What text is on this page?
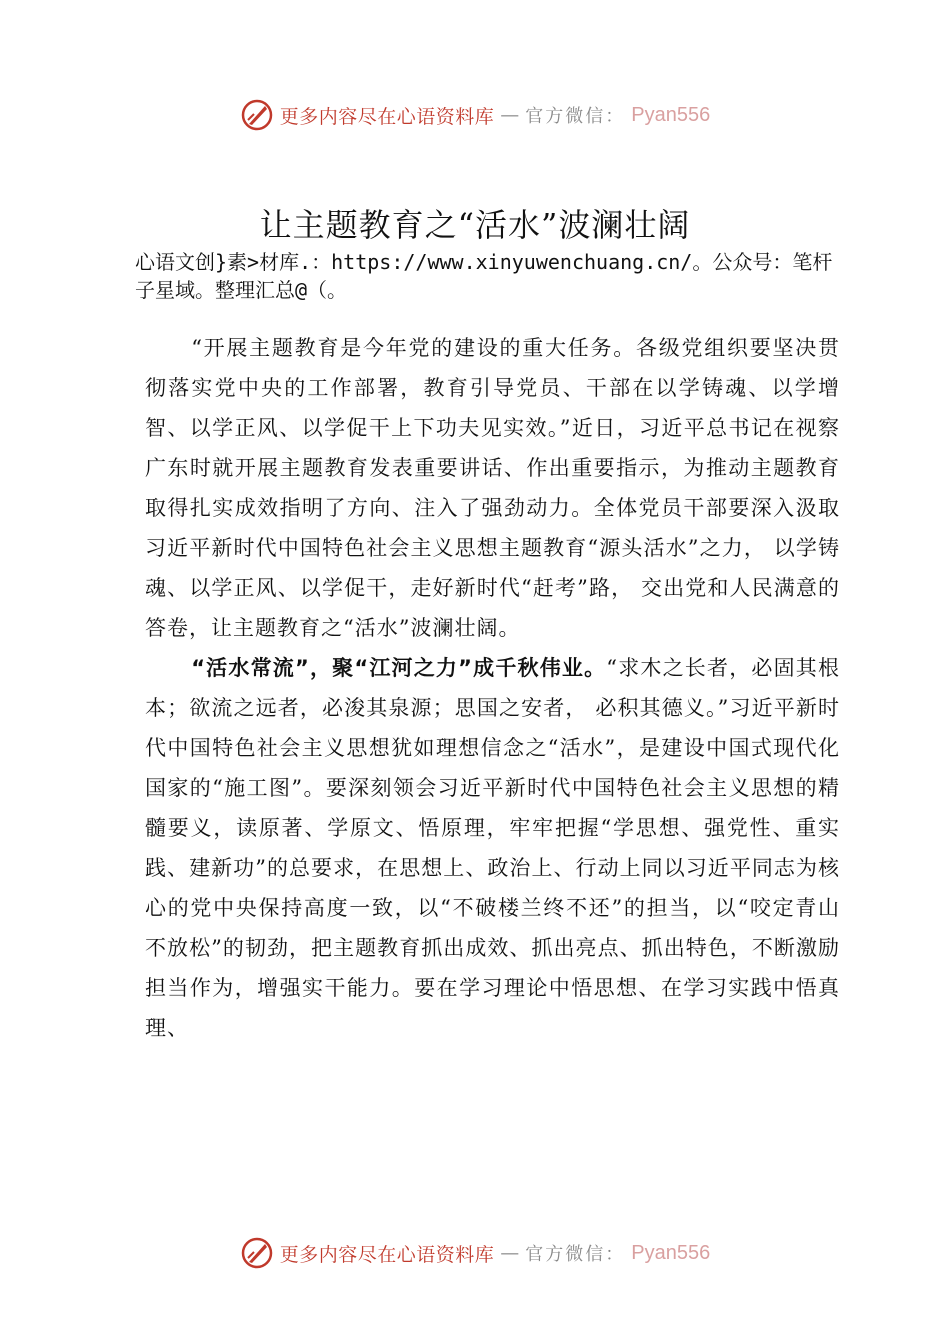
更多内容尽在心语资料库 — 官方微信： Pyan556
让主题教育之“活水”波澜壮阔
心语文创}素>材库.：https://www.xinyuwenchuang.cn/。公众号：笔杆子星域。整理汇总@（。

“开展主题教育是今年党的建设的重大任务。各级党组织要坚决贯彻落实党中央的工作部署，教育引导党员、干部在以学铸魂、以学增智、以学正风、以学促干上下功夫见实效。”近日，习近平总书记在视察广东时就开展主题教育发表重要讲话、作出重要指示，为推动主题教育取得扎实成效指明了方向、注入了强劲动力。全体党员干部要深入汲取习近平新时代中国特色社会主义思想主题教育“源头活水”之力， 以学铸魂、以学正风、以学促干，走好新时代“赶考”路， 交出党和人民满意的答卷，让主题教育之“活水”波澜壮阔。

“活水常流”，聚“江河之力”成千秋伟业。“求木之长者，必固其根本；欲流之远者，必浚其泉源；思国之安者， 必积其德义。”习近平新时代中国特色社会主义思想犹如理想信念之“活水”，是建设中国式现代化国家的“施工图”。要深刻领会习近平新时代中国特色社会主义思想的精髓要义，读原著、学原文、悟原理，牢牢把握“学思想、强党性、重实践、建新功”的总要求，在思想上、政治上、行动上同以习近平同志为核心的党中央保持高度一致，以“不破楼兰终不还”的担当，以“咬定青山不放松”的韧劲，把主题教育抓出成效、抓出亮点、抓出特色，不断激励担当作为，增强实干能力。要在学习理论中悟思想、在学习实践中悟真理、

更多内容尽在心语资料库 — 官方微信： Pyan556
